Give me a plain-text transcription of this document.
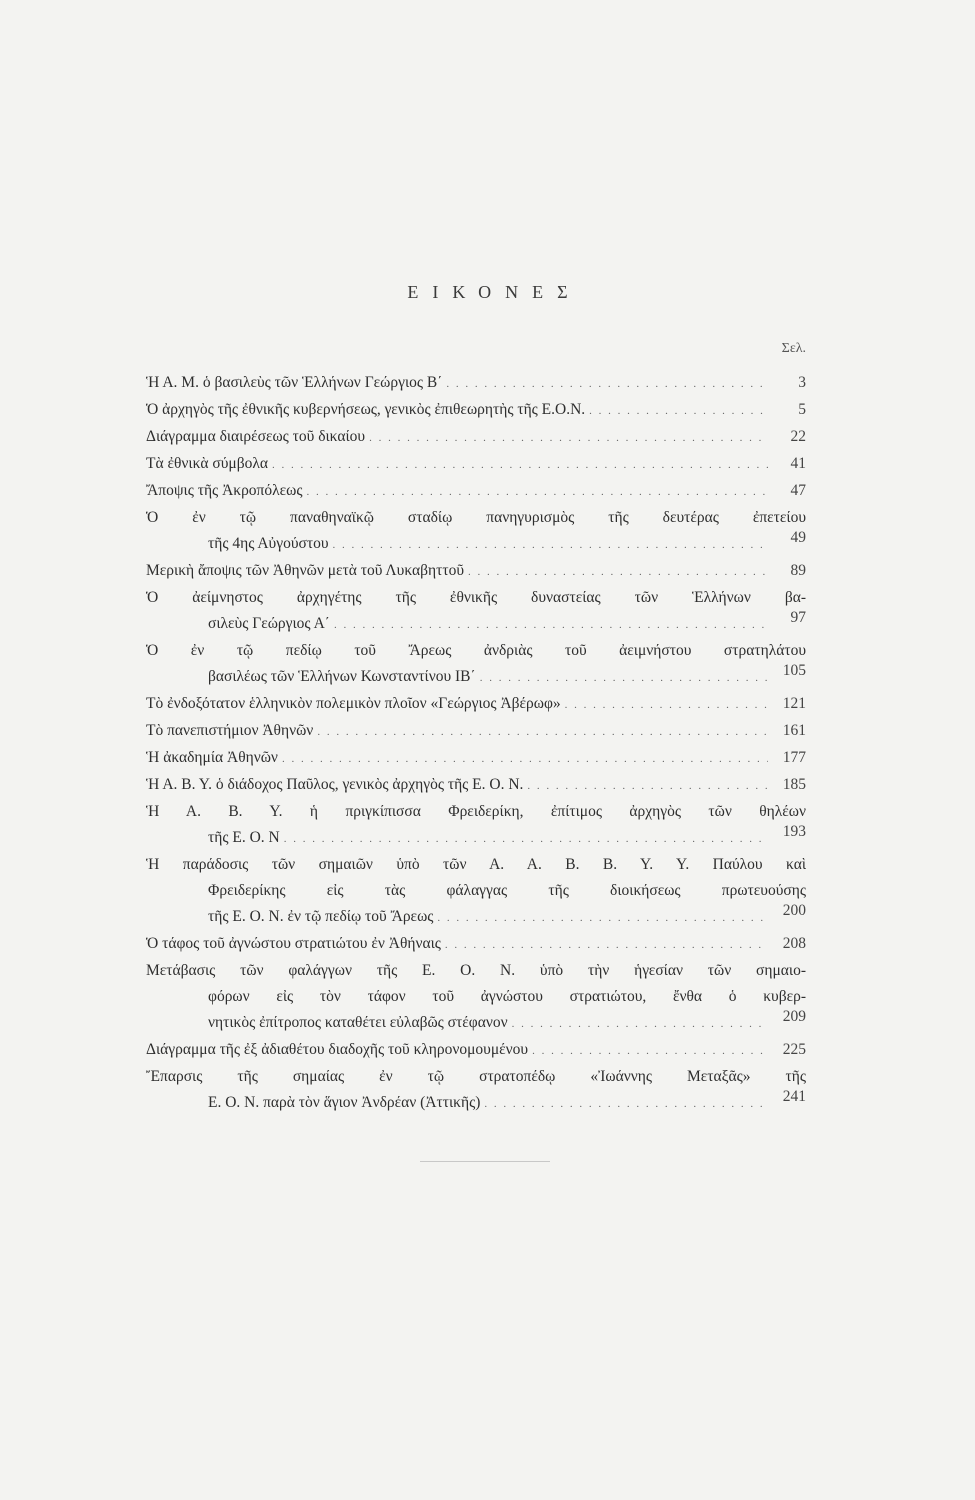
ΕΙΚΟΝΕΣ
Σελ.
Ἡ Α. Μ. ὁ βασιλεὺς τῶν Ἑλλήνων Γεώργιος Β΄ . . .	3
Ὁ ἀρχηγὸς τῆς ἐθνικῆς κυβερνήσεως, γενικὸς ἐπιθεωρητὴς τῆς Ε.Ο.Ν. . . .	5
Διάγραμμα διαιρέσεως τοῦ δικαίου . . .	22
Τὰ ἐθνικὰ σύμβολα . . .	41
Ἄποψις τῆς Ἀκροπόλεως . . .	47
Ὁ ἐν τῷ παναθηναϊκῷ σταδίῳ πανηγυρισμὸς τῆς δευτέρας ἐπετείου
τῆς 4ης Αὐγούστου . . .	49
Μερικὴ ἄποψις τῶν Ἀθηνῶν μετὰ τοῦ Λυκαβηττοῦ . . .	89
Ὁ ἀείμνηστος ἀρχηγέτης τῆς ἐθνικῆς δυναστείας τῶν Ἑλλήνων βα-
σιλεὺς Γεώργιος Α΄ . . .	97
Ὁ ἐν τῷ πεδίῳ τοῦ Ἄρεως ἀνδριὰς τοῦ ἀειμνήστου στρατηλάτου
βασιλέως τῶν Ἑλλήνων Κωνσταντίνου ΙΒ΄ . . .	105
Τὸ ἐνδοξότατον ἑλληνικὸν πολεμικὸν πλοῖον «Γεώργιος Ἀβέρωφ» . . .	121
Τὸ πανεπιστήμιον Ἀθηνῶν . . .	161
Ἡ ἀκαδημία Ἀθηνῶν . . .	177
Ἡ Α. Β. Υ. ὁ διάδοχος Παῦλος, γενικὸς ἀρχηγὸς τῆς Ε. Ο. Ν. . . .	185
Ἡ Α. Β. Υ. ἡ πριγκίπισσα Φρειδερίκη, ἐπίτιμος ἀρχηγὸς τῶν θηλέων
τῆς Ε. Ο. Ν . . .	193
Ἡ παράδοσις τῶν σημαιῶν ὑπὸ τῶν Α. Α. Β. Β. Υ. Υ. Παύλου καὶ
Φρειδερίκης εἰς τὰς φάλαγγας τῆς διοικήσεως πρωτευούσης
τῆς Ε. Ο. Ν. ἐν τῷ πεδίῳ τοῦ Ἄρεως . . .	200
Ὁ τάφος τοῦ ἀγνώστου στρατιώτου ἐν Ἀθήναις . . .	208
Μετάβασις τῶν φαλάγγων τῆς Ε. Ο. Ν. ὑπὸ τὴν ἡγεσίαν τῶν σημαιο-
φόρων εἰς τὸν τάφον τοῦ ἀγνώστου στρατιώτου, ἔνθα ὁ κυβερ-
νητικὸς ἐπίτροπος καταθέτει εὐλαβῶς στέφανον . . .	209
Διάγραμμα τῆς ἐξ ἀδιαθέτου διαδοχῆς τοῦ κληρονομουμένου . . .	225
Ἔπαρσις τῆς σημαίας ἐν τῷ στρατοπέδῳ «Ἰωάννης Μεταξᾶς» τῆς
Ε. Ο. Ν. παρὰ τὸν ἅγιον Ἀνδρέαν (Ἀττικῆς) . . .	241
